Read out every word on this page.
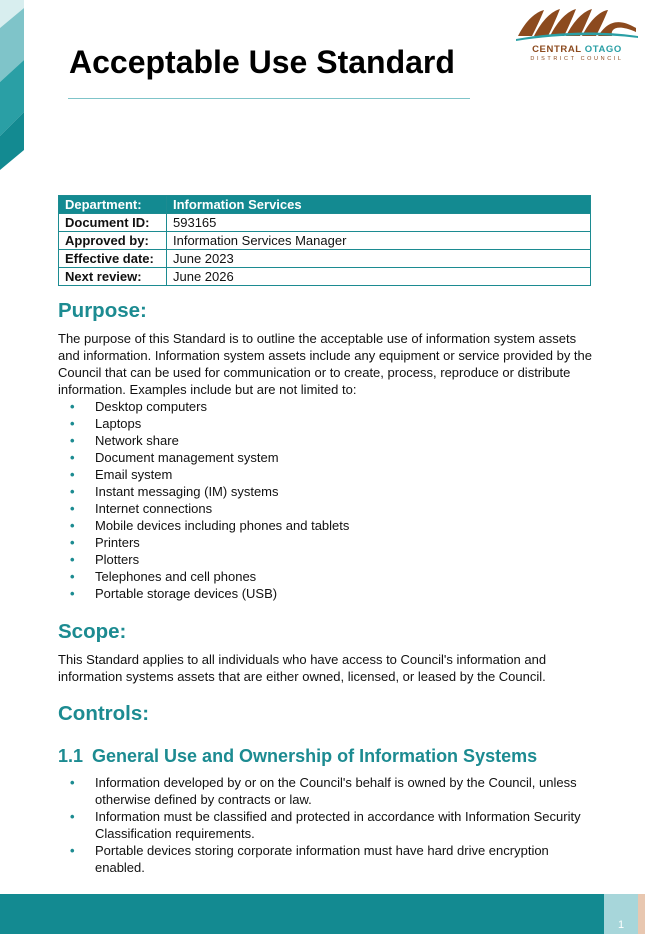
CENTRAL OTAGO
DISTRICT COUNCIL
Acceptable Use Standard
Department:	Information Services
Document ID:	593165
Approved by:	Information Services Manager
Effective date:	June 2023
Next review:	June 2026
Purpose:

The purpose of this Standard is to outline the acceptable use of information system assets and information. Information system assets include any equipment or service provided by the Council that can be used for communication or to create, process, reproduce or distribute information. Examples include but are not limited to:

• Desktop computers
• Laptops
• Network share
• Document management system
• Email system
• Instant messaging (IM) systems
• Internet connections
• Mobile devices including phones and tablets
• Printers
• Plotters
• Telephones and cell phones
• Portable storage devices (USB)
Scope:

This Standard applies to all individuals who have access to Council's information and information systems assets that are either owned, licensed, or leased by the Council.

Controls:
1.1 General Use and Ownership of Information Systems
• Information developed by or on the Council's behalf is owned by the Council, unless otherwise defined by contracts or law.
• Information must be classified and protected in accordance with Information Security Classification requirements.
• Portable devices storing corporate information must have hard drive encryption enabled.
1
